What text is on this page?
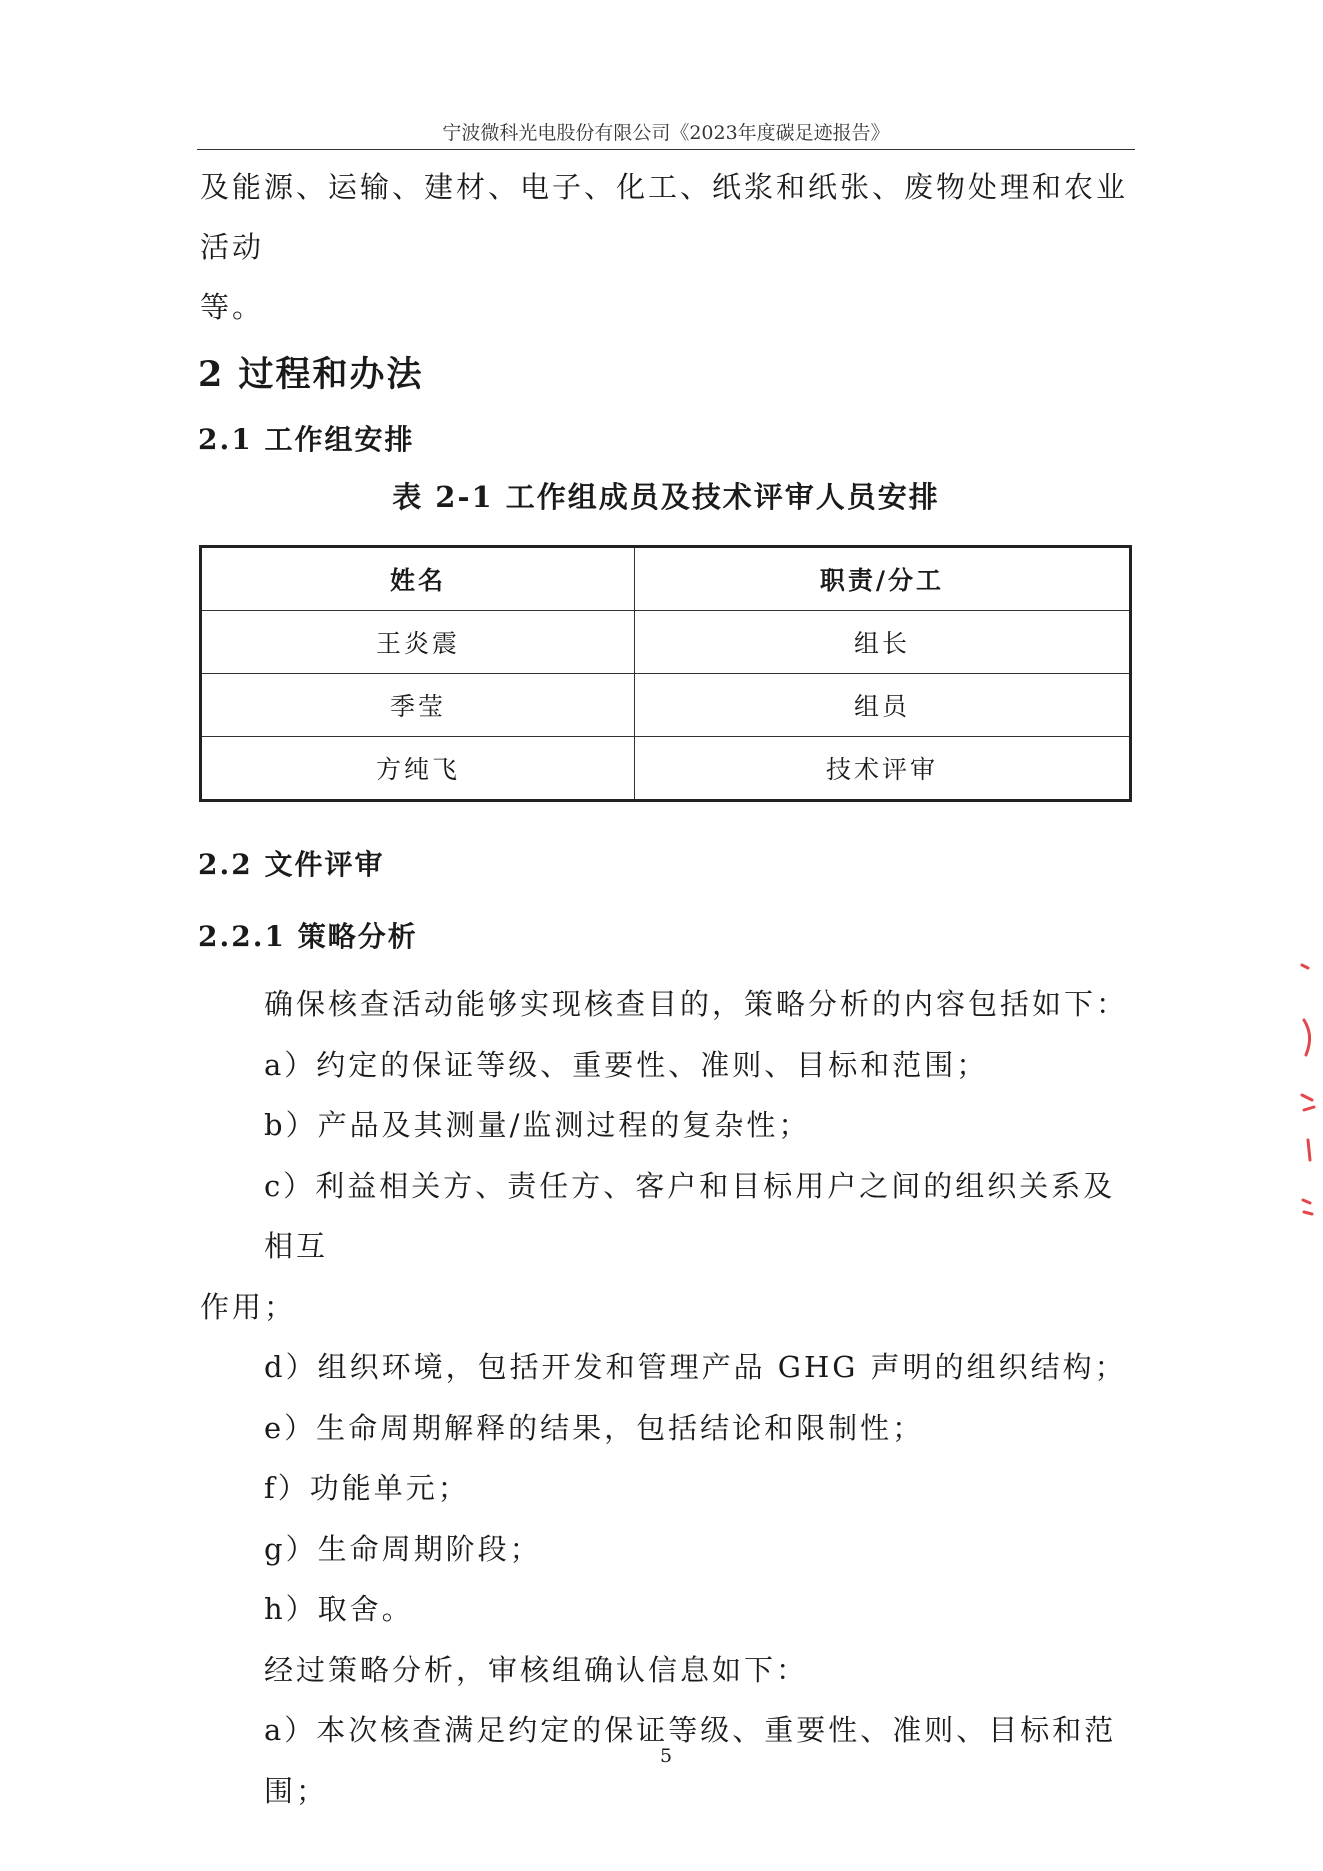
宁波微科光电股份有限公司《2023年度碳足迹报告》

及能源、运输、建材、电子、化工、纸浆和纸张、废物处理和农业活动

等。

2 过程和办法
2.1 工作组安排
表 2-1 工作组成员及技术评审人员安排
姓名	职责/分工
王炎震	组长
季莹	组员
方纯飞	技术评审
2.2 文件评审
2.2.1 策略分析

确保核查活动能够实现核查目的，策略分析的内容包括如下：

a）约定的保证等级、重要性、准则、目标和范围；

b）产品及其测量/监测过程的复杂性；

c）利益相关方、责任方、客户和目标用户之间的组织关系及相互

作用；

d）组织环境，包括开发和管理产品 GHG 声明的组织结构；

e）生命周期解释的结果，包括结论和限制性；

f）功能单元；

g）生命周期阶段；

h）取舍。

经过策略分析，审核组确认信息如下：

a）本次核查满足约定的保证等级、重要性、准则、目标和范围；

5
